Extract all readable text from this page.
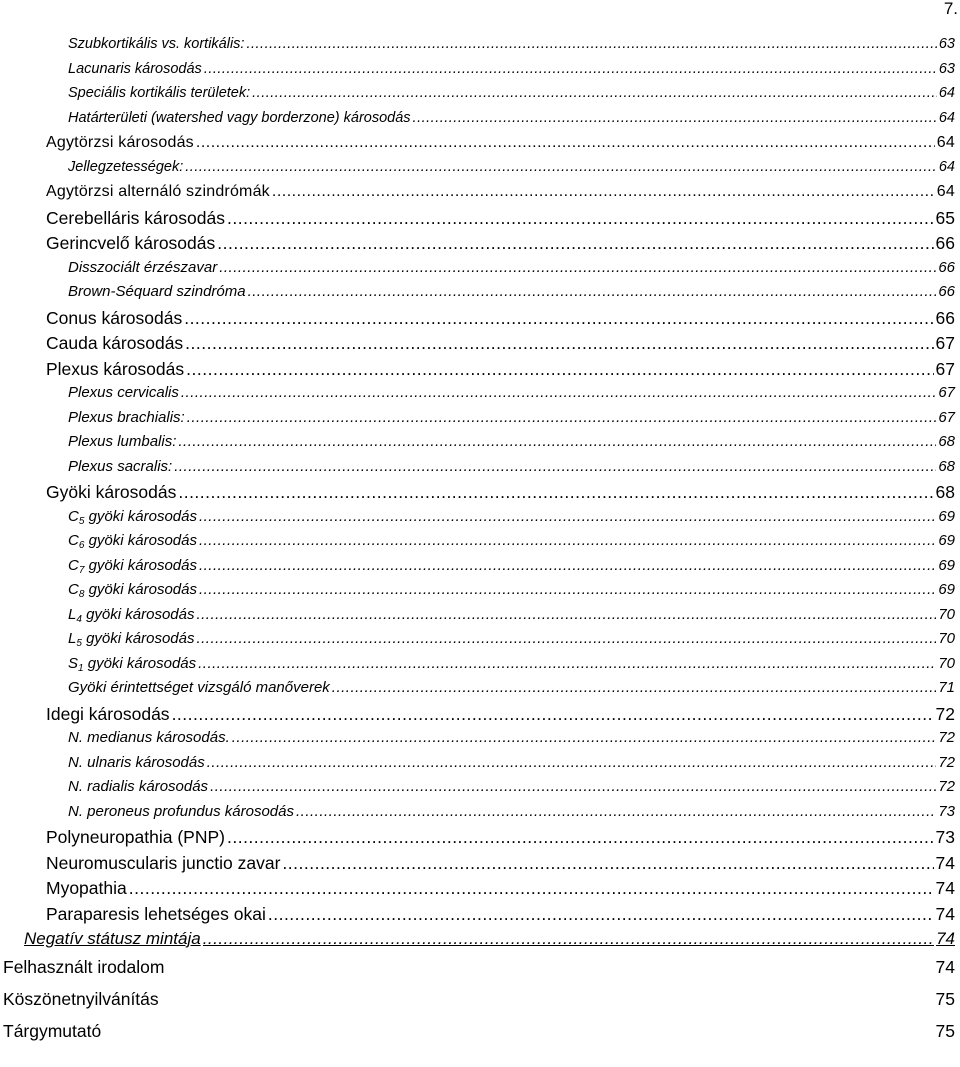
7.
Szubkortikális vs. kortikális: .....	63
Lacunaris károsodás .....	63
Speciális kortikális területek: .....	64
Határterületi (watershed vagy borderzone) károsodás .....	64
Agytörzsi károsodás .....	64
Jellegzetességek: .....	64
Agytörzsi alternáló szindrómák .....	64
Cerebelláris károsodás .....	65
Gerincvelő károsodás .....	66
Disszociált érzészavar .....	66
Brown-Séquard szindróma .....	66
Conus károsodás .....	66
Cauda károsodás .....	67
Plexus károsodás .....	67
Plexus cervicalis .....	67
Plexus brachialis: .....	67
Plexus lumbalis: .....	68
Plexus sacralis: .....	68
Gyöki károsodás .....	68
$C_5$ gyöki károsodás .....	69
$C_6$ gyöki károsodás .....	69
$C_7$ gyöki károsodás .....	69
$C_8$ gyöki károsodás .....	69
$L_4$ gyöki károsodás .....	70
$L_5$ gyöki károsodás .....	70
$S_1$ gyöki károsodás .....	70
Gyöki érintettséget vizsgáló manőverek .....	71
Idegi károsodás .....	72
N. medianus károsodás. .....	72
N. ulnaris károsodás .....	72
N. radialis károsodás .....	72
N. peroneus profundus károsodás .....	73
Polyneuropathia (PNP) .....	73
Neuromuscularis junctio zavar .....	74
Myopathia .....	74
Paraparesis lehetséges okai .....	74
Negatív státusz mintája .....	74
Felhasznált irodalom	74
Köszönetnyilvánítás	75
Tárgymutató	75
